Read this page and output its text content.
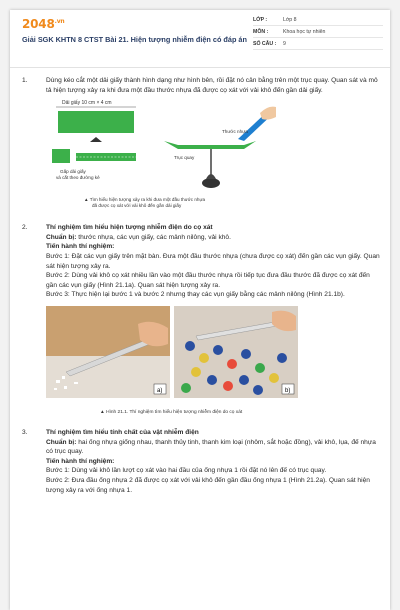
$2048^{.vn}$
Giải SGK KHTN 8 CTST Bài 21. Hiện tượng nhiễm điện có đáp án
LỚP :	Lớp 8
MÔN :	Khoa học tự nhiên
SỐ CÂU :	9
1.	Dùng kéo cắt một dải giấy thành hình dạng như hình bên, rồi đặt nó cân bằng trên một trục quay. Quan sát và mô tả hiện tượng xảy ra khi đưa một đầu thước nhựa đã được cọ xát với vải khô đến gần dải giấy.
Dải giấy 10 cm × 4 cm
Gấp dải giấy và cắt theo đường kẻ
Trục quay
Thước nhựa
▲ Tìm hiểu hiện tượng xảy ra khi đưa một đầu thước nhựa đã được cọ xát với vải khô đến gần dải giấy
2.	Thí nghiệm tìm hiểu hiện tượng nhiễm điện do cọ xát
Chuẩn bị: thước nhựa, các vụn giấy, các mảnh nilông, vải khô.
Tiến hành thí nghiệm:
Bước 1: Đặt các vụn giấy trên mặt bàn. Đưa một đầu thước nhựa (chưa được cọ xát) đến gần các vụn giấy. Quan sát hiện tượng xảy ra.
Bước 2: Dùng vải khô cọ xát nhiều lần vào một đầu thước nhựa rồi tiếp tục đưa đầu thước đã được cọ xát đến gần các vụn giấy (Hình 21.1a). Quan sát hiện tượng xảy ra.
Bước 3: Thực hiện lại bước 1 và bước 2 nhưng thay các vụn giấy bằng các mảnh nilông (Hình 21.1b).
a)	b)
▲ Hình 21.1. Thí nghiệm tìm hiểu hiện tượng nhiễm điện do cọ xát
3.	Thí nghiệm tìm hiểu tính chất của vật nhiễm điện
Chuẩn bị: hai ống nhựa giống nhau, thanh thủy tinh, thanh kim loại (nhôm, sắt hoặc đồng), vải khô, lụa, đế nhựa có trục quay.
Tiến hành thí nghiệm:
Bước 1: Dùng vải khô lần lượt cọ xát vào hai đầu của ống nhựa 1 rồi đặt nó lên đế có trục quay.
Bước 2: Đưa đầu ống nhựa 2 đã được cọ xát với vải khô đến gần đầu ống nhựa 1 (Hình 21.2a). Quan sát hiện tượng xảy ra với ống nhựa 1.
